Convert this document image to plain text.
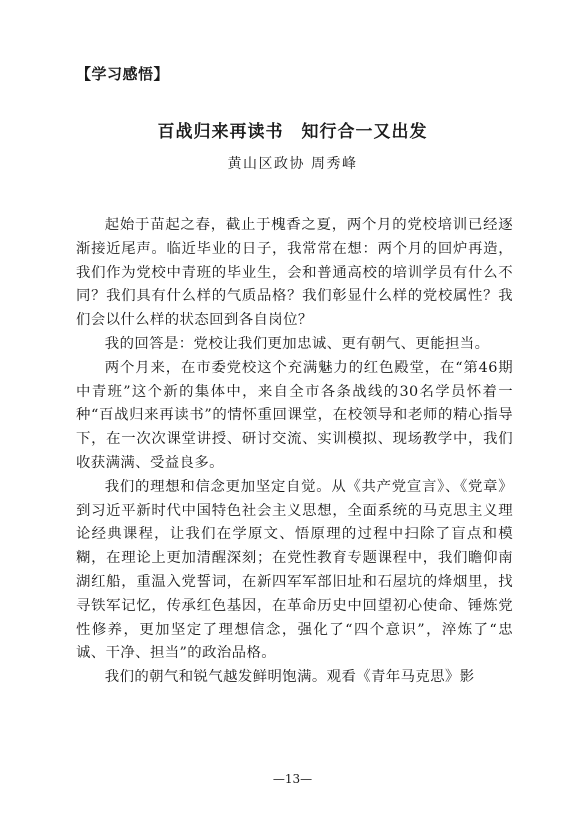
【学习感悟】
百战归来再读书　知行合一又出发
黄山区政协 周秀峰

起始于苗起之春，截止于槐香之夏，两个月的党校培训已经逐渐接近尾声。临近毕业的日子，我常常在想：两个月的回炉再造，我们作为党校中青班的毕业生，会和普通高校的培训学员有什么不同？我们具有什么样的气质品格？我们彰显什么样的党校属性？我们会以什么样的状态回到各自岗位？

我的回答是：党校让我们更加忠诚、更有朝气、更能担当。

两个月来，在市委党校这个充满魅力的红色殿堂，在“第46期中青班”这个新的集体中，来自全市各条战线的30名学员怀着一种“百战归来再读书”的情怀重回课堂，在校领导和老师的精心指导下，在一次次课堂讲授、研讨交流、实训模拟、现场教学中，我们收获满满、受益良多。

我们的理想和信念更加坚定自觉。从《共产党宣言》、《党章》到习近平新时代中国特色社会主义思想，全面系统的马克思主义理论经典课程，让我们在学原文、悟原理的过程中扫除了盲点和模糊，在理论上更加清醒深刻；在党性教育专题课程中，我们瞻仰南湖红船，重温入党誓词，在新四军军部旧址和石屋坑的烽烟里，找寻铁军记忆，传承红色基因，在革命历史中回望初心使命、锤炼党性修养，更加坚定了理想信念，强化了“四个意识”，淬炼了“忠诚、干净、担当”的政治品格。

我们的朝气和锐气越发鲜明饱满。观看《青年马克思》影

—13—
